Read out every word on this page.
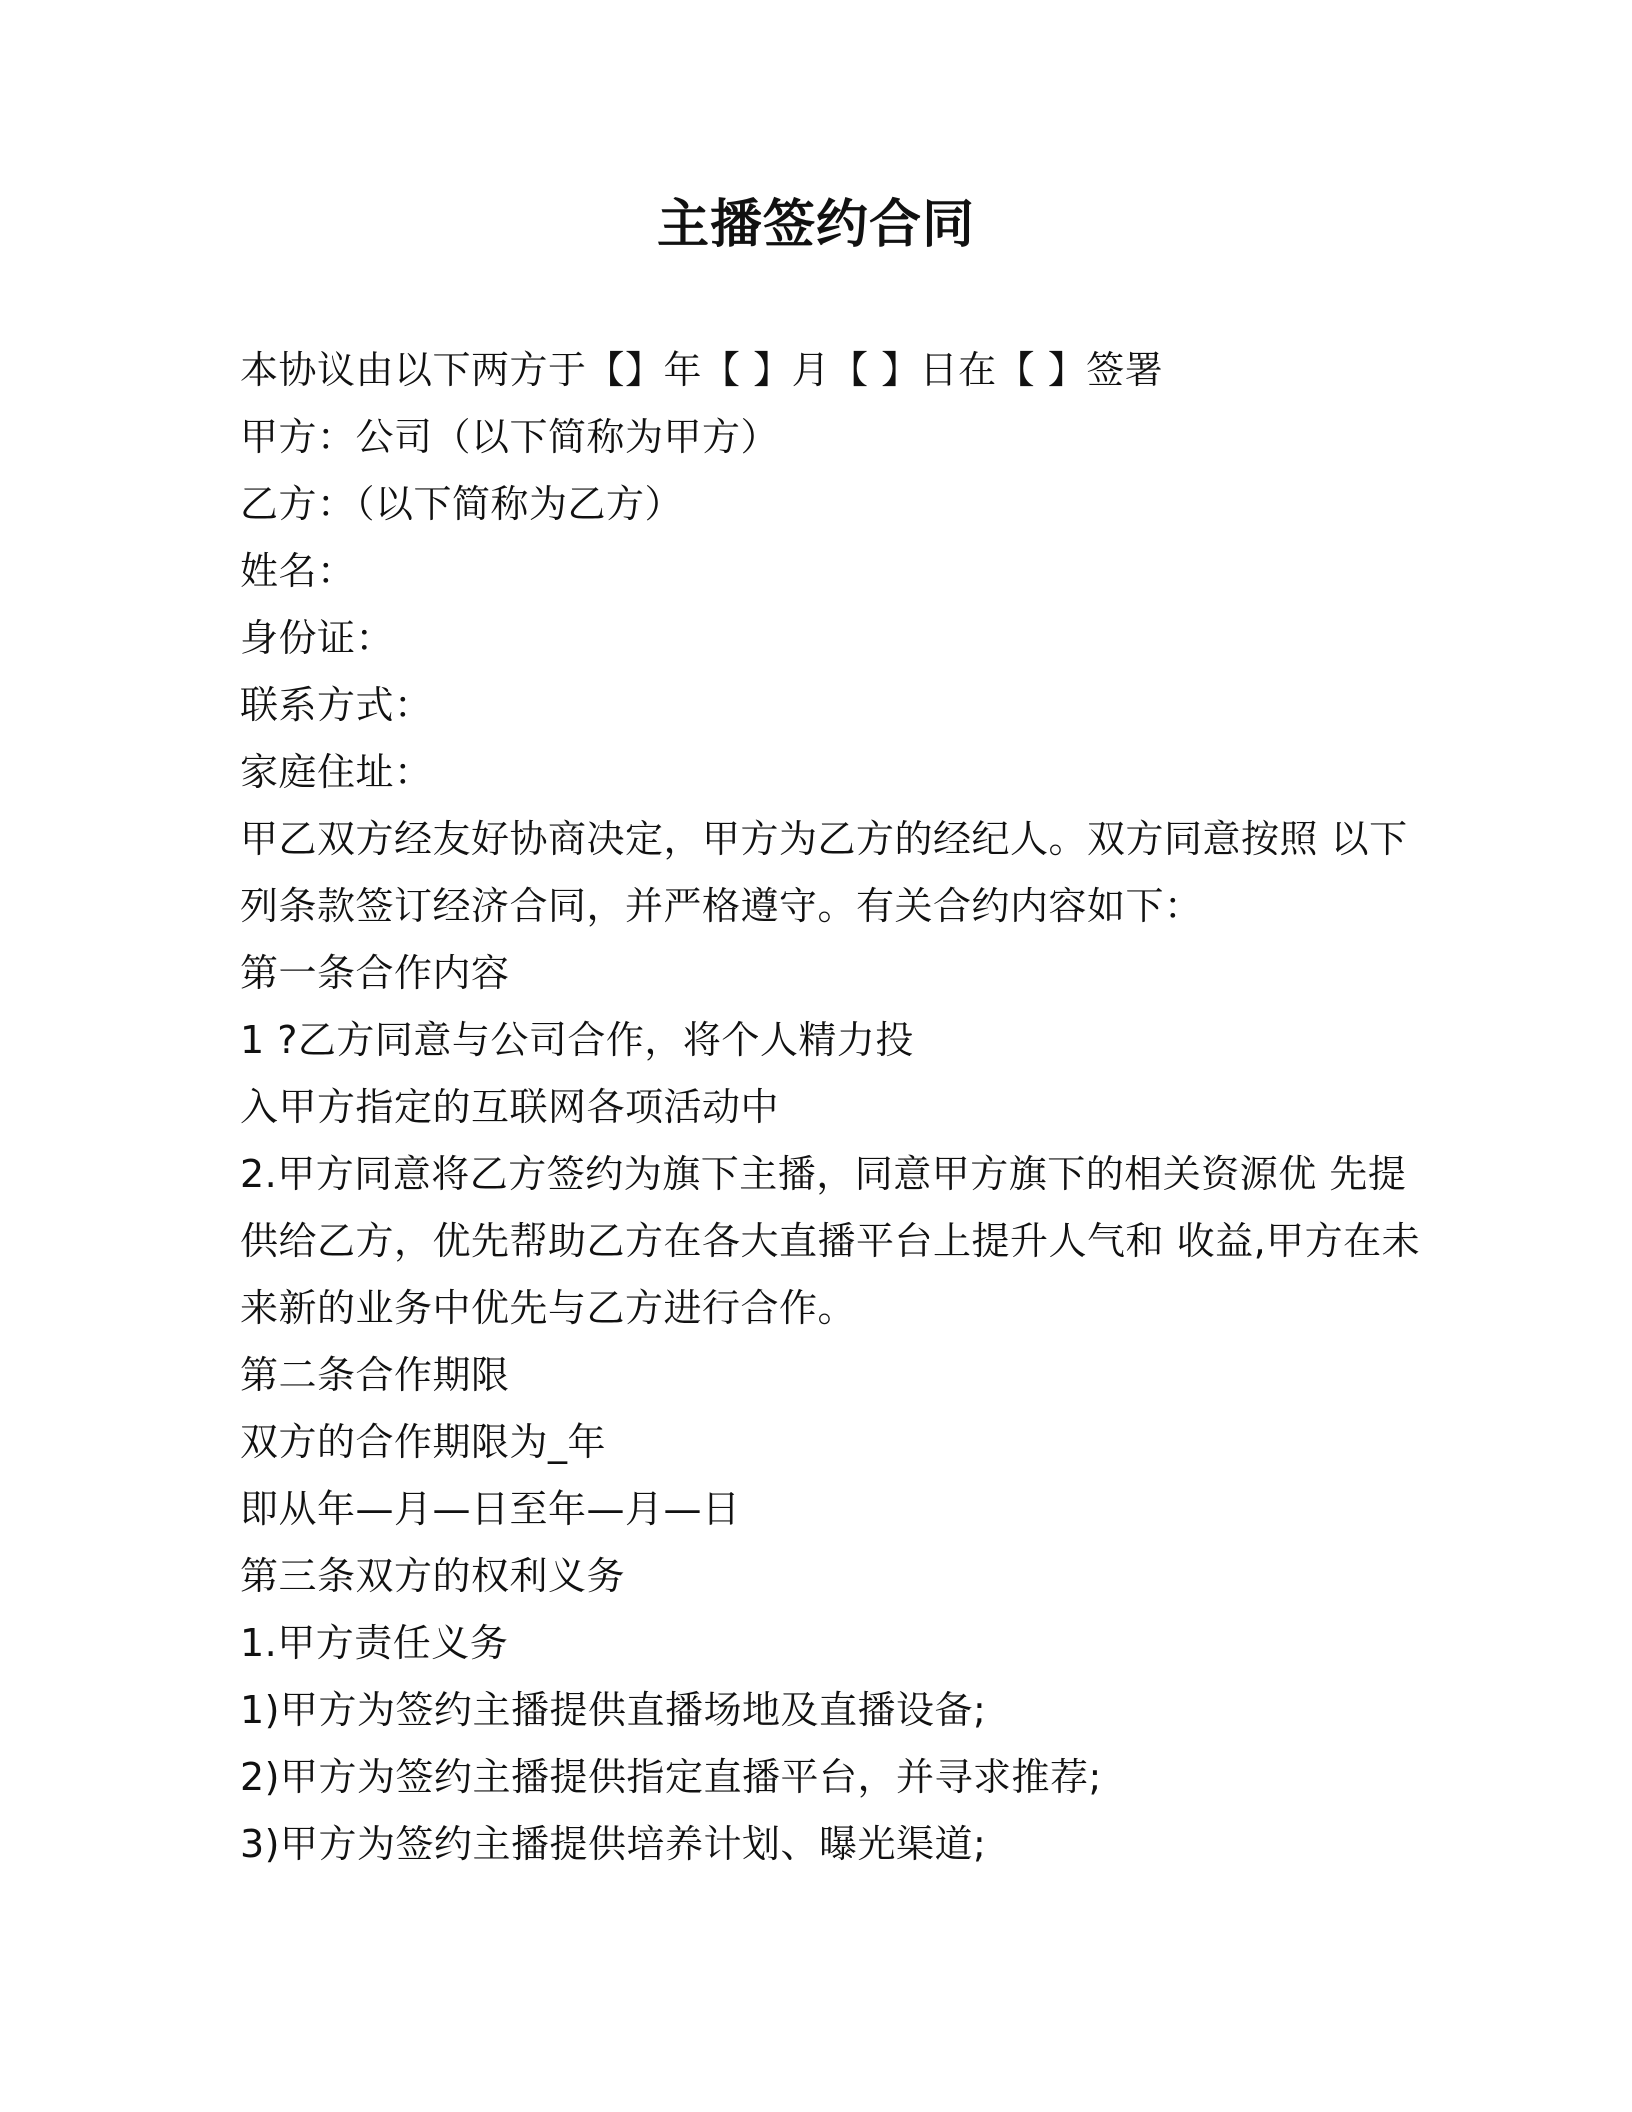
主播签约合同
本协议由以下两方于【】年【 】月【 】日在【 】签署
甲方：公司（以下简称为甲方）
乙方：（以下简称为乙方）
姓名：
身份证：
联系方式：
家庭住址：
甲乙双方经友好协商决定，甲方为乙方的经纪人。双方同意按照 以下
列条款签订经济合同，并严格遵守。有关合约内容如下：
第一条合作内容
1 ?乙方同意与公司合作，将个人精力投
入甲方指定的互联网各项活动中
2.甲方同意将乙方签约为旗下主播，同意甲方旗下的相关资源优 先提
供给乙方，优先帮助乙方在各大直播平台上提升人气和 收益,甲方在未
来新的业务中优先与乙方进行合作。
第二条合作期限
双方的合作期限为_年
即从年—月—日至年—月—日
第三条双方的权利义务
1.甲方责任义务
1)甲方为签约主播提供直播场地及直播设备;
2)甲方为签约主播提供指定直播平台，并寻求推荐;
3)甲方为签约主播提供培养计划、曝光渠道;
